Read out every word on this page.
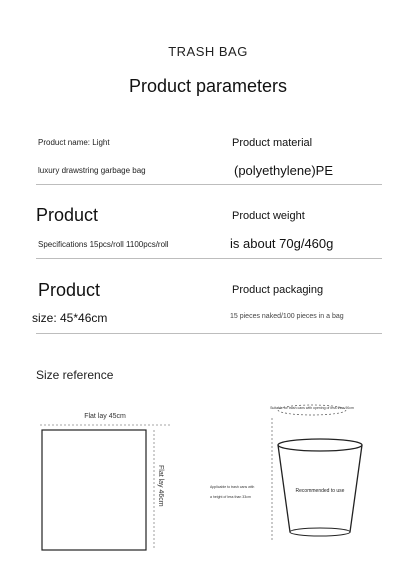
TRASH BAG
Product parameters
Product name: Light	Product material
luxury drawstring garbage bag	(polyethylene)PE
Product	Product weight
Specifications 15pcs/roll 1100pcs/roll	is about 70g/460g
Product	Product packaging
size: 45*46cm	15 pieces naked/100 pieces in a bag
Size reference
Flat lay 45cm
Flat lay 46cm
Suitable for trash cans with opening of less than 90cm
Applicable to trash cans with
a height of less than 33cm
Recommended to use
